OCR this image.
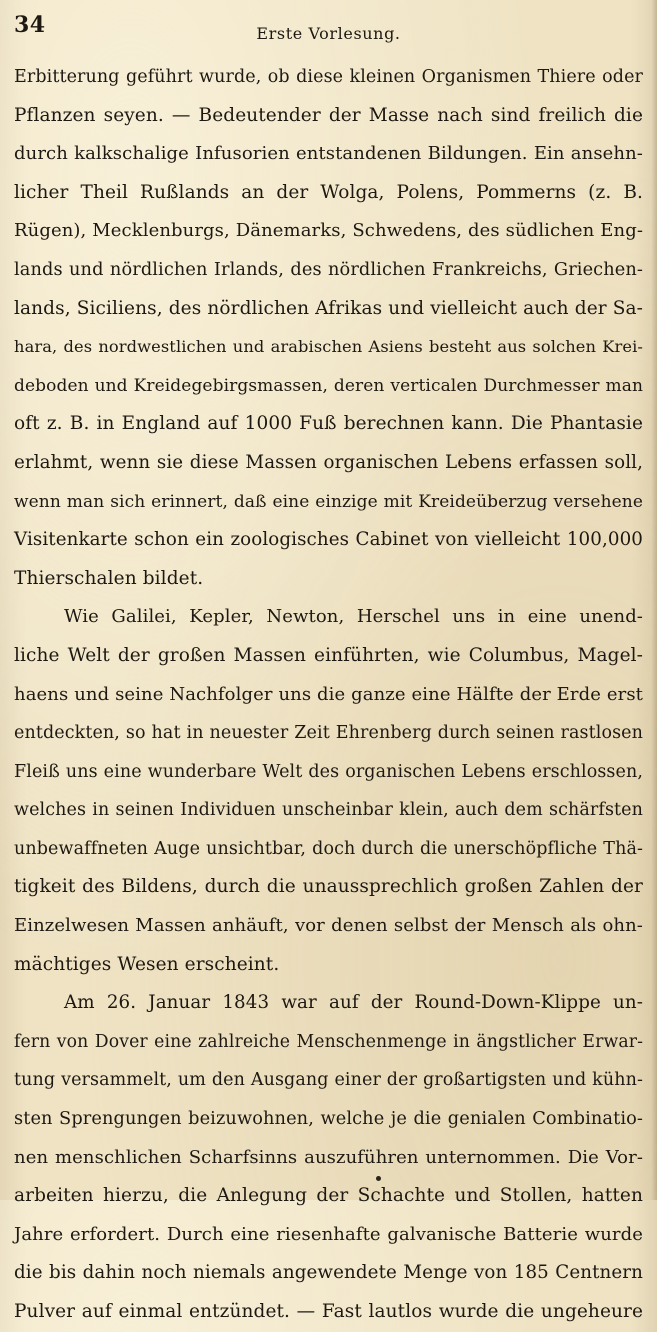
34	Erste Vorlesung.
Erbitterung geführt wurde, ob diese kleinen Organismen Thiere oder
Pflanzen seyen. — Bedeutender der Masse nach sind freilich die
durch kalkschalige Infusorien entstandenen Bildungen. Ein ansehn-
licher Theil Rußlands an der Wolga, Polens, Pommerns (z. B.
Rügen), Mecklenburgs, Dänemarks, Schwedens, des südlichen Eng-
lands und nördlichen Irlands, des nördlichen Frankreichs, Griechen-
lands, Siciliens, des nördlichen Afrikas und vielleicht auch der Sa-
hara, des nordwestlichen und arabischen Asiens besteht aus solchen Krei-
deboden und Kreidegebirgsmassen, deren verticalen Durchmesser man
oft z. B. in England auf 1000 Fuß berechnen kann. Die Phantasie
erlahmt, wenn sie diese Massen organischen Lebens erfassen soll,
wenn man sich erinnert, daß eine einzige mit Kreideüberzug versehene
Visitenkarte schon ein zoologisches Cabinet von vielleicht 100,000
Thierschalen bildet.
Wie Galilei, Kepler, Newton, Herschel uns in eine unend-
liche Welt der großen Massen einführten, wie Columbus, Magel-
haens und seine Nachfolger uns die ganze eine Hälfte der Erde erst
entdeckten, so hat in neuester Zeit Ehrenberg durch seinen rastlosen
Fleiß uns eine wunderbare Welt des organischen Lebens erschlossen,
welches in seinen Individuen unscheinbar klein, auch dem schärfsten
unbewaffneten Auge unsichtbar, doch durch die unerschöpfliche Thä-
tigkeit des Bildens, durch die unaussprechlich großen Zahlen der
Einzelwesen Massen anhäuft, vor denen selbst der Mensch als ohn-
mächtiges Wesen erscheint.
Am 26. Januar 1843 war auf der Round-Down-Klippe un-
fern von Dover eine zahlreiche Menschenmenge in ängstlicher Erwar-
tung versammelt, um den Ausgang einer der großartigsten und kühn-
sten Sprengungen beizuwohnen, welche je die genialen Combinatio-
nen menschlichen Scharfsinns auszuführen unternommen. Die Vor-
arbeiten hierzu, die Anlegung der Schachte und Stollen, hatten
Jahre erfordert. Durch eine riesenhafte galvanische Batterie wurde
die bis dahin noch niemals angewendete Menge von 185 Centnern
Pulver auf einmal entzündet. — Fast lautlos wurde die ungeheure
